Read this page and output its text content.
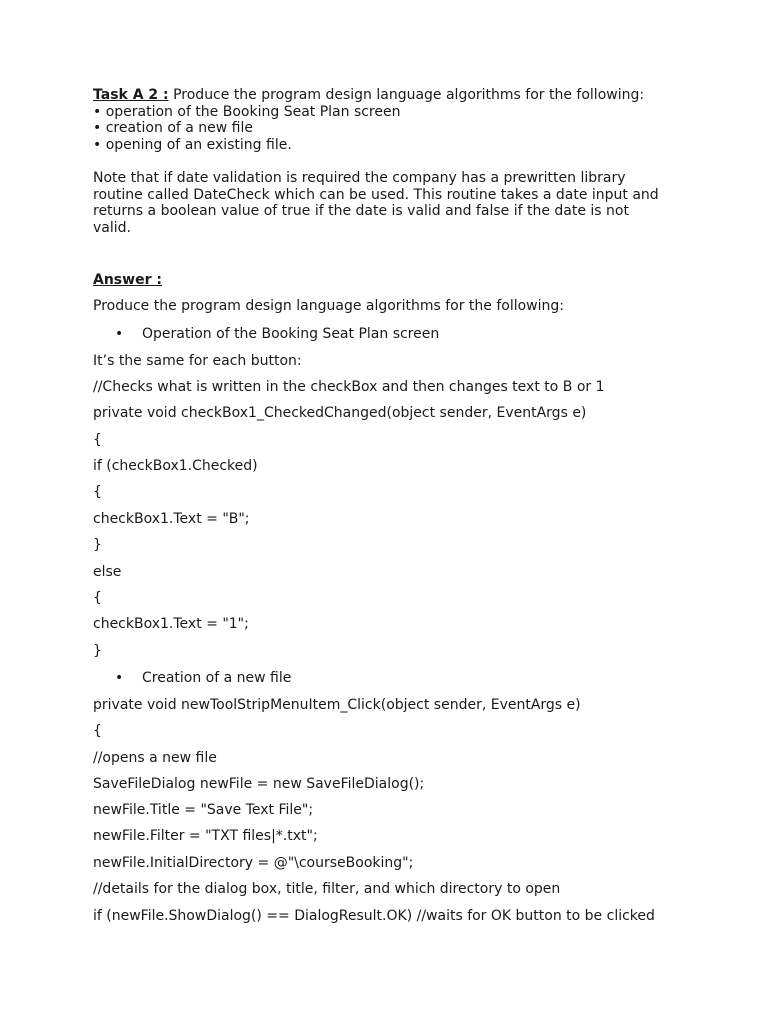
Task A 2 : Produce the program design language algorithms for the following:

• operation of the Booking Seat Plan screen

• creation of a new file

• opening of an existing file.

Note that if date validation is required the company has a prewritten library

routine called DateCheck which can be used. This routine takes a date input and

returns a boolean value of true if the date is valid and false if the date is not

valid.

Answer :
Produce the program design language algorithms for the following:
• Operation of the Booking Seat Plan screen
It’s the same for each button:
//Checks what is written in the checkBox and then changes text to B or 1
private void checkBox1_CheckedChanged(object sender, EventArgs e)
{
if (checkBox1.Checked)
{
checkBox1.Text = "B";
}
else
{
checkBox1.Text = "1";
}
• Creation of a new file
private void newToolStripMenuItem_Click(object sender, EventArgs e)
{
//opens a new file
SaveFileDialog newFile = new SaveFileDialog();
newFile.Title = "Save Text File";
newFile.Filter = "TXT files|*.txt";
newFile.InitialDirectory = @"\courseBooking";
//details for the dialog box, title, filter, and which directory to open
if (newFile.ShowDialog() == DialogResult.OK) //waits for OK button to be clicked
